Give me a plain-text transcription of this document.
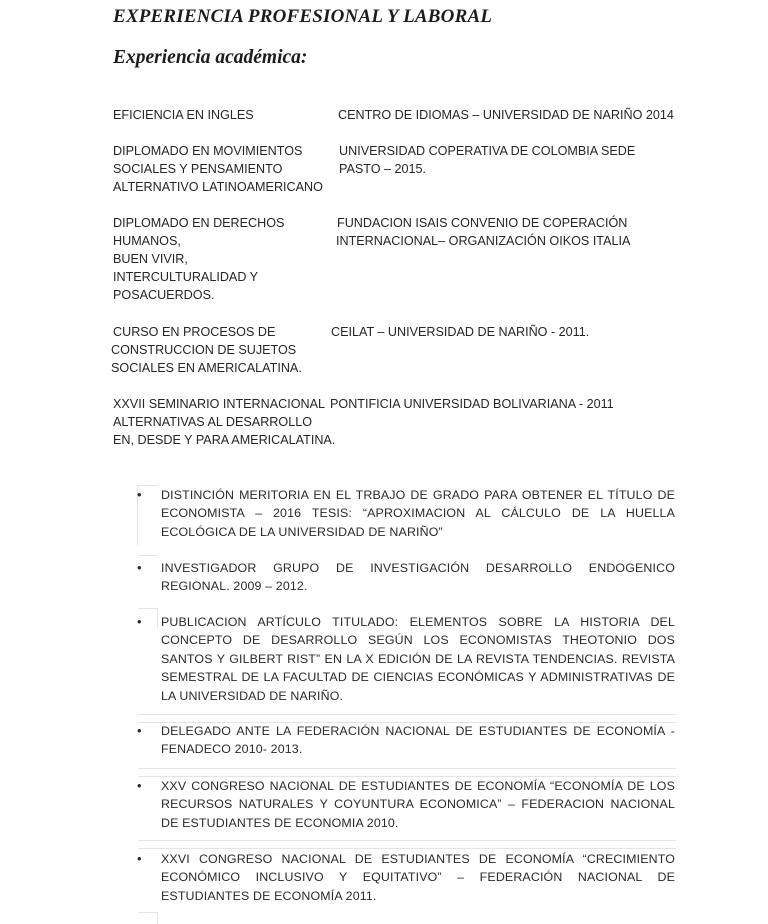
EXPERIENCIA PROFESIONAL Y LABORAL
Experiencia académica:
EFICIENCIA EN INGLES	CENTRO DE IDIOMAS – UNIVERSIDAD DE NARIÑO 2014
DIPLOMADO EN MOVIMIENTOS
SOCIALES Y PENSAMIENTO
ALTERNATIVO LATINOAMERICANO
UNIVERSIDAD COPERATIVA DE COLOMBIA SEDE
PASTO – 2015.
DIPLOMADO EN DERECHOS
HUMANOS,
BUEN VIVIR,
INTERCULTURALIDAD Y
POSACUERDOS.
FUNDACION ISAIS CONVENIO DE COPERACIÓN
INTERNACIONAL– ORGANIZACIÓN OIKOS ITALIA
CURSO EN PROCESOS DE
CONSTRUCCION DE SUJETOS
SOCIALES EN AMERICALATINA.
CEILAT – UNIVERSIDAD DE NARIÑO - 2011.
XXVII SEMINARIO INTERNACIONAL
ALTERNATIVAS AL DESARROLLO
EN, DESDE Y PARA AMERICALATINA.
PONTIFICIA UNIVERSIDAD BOLIVARIANA - 2011
• DISTINCIÓN MERITORIA EN EL TRBAJO DE GRADO PARA OBTENER EL TÍTULO DE ECONOMISTA – 2016 TESIS: “APROXIMACION AL CÁLCULO DE LA HUELLA ECOLÓGICA DE LA UNIVERSIDAD DE NARIÑO”
• INVESTIGADOR GRUPO DE INVESTIGACIÓN DESARROLLO ENDOGENICO REGIONAL. 2009 – 2012.
• PUBLICACION ARTÍCULO TITULADO: ELEMENTOS SOBRE LA HISTORIA DEL CONCEPTO DE DESARROLLO SEGÚN LOS ECONOMISTAS THEOTONIO DOS SANTOS Y GILBERT RIST” EN LA X EDICIÓN DE LA REVISTA TENDENCIAS. REVISTA SEMESTRAL DE LA FACULTAD DE CIENCIAS ECONÓMICAS Y ADMINISTRATIVAS DE LA UNIVERSIDAD DE NARIÑO.
• DELEGADO ANTE LA FEDERACIÓN NACIONAL DE ESTUDIANTES DE ECONOMÍA - FENADECO 2010- 2013.
• XXV CONGRESO NACIONAL DE ESTUDIANTES DE ECONOMÍA “ECONOMÍA DE LOS RECURSOS NATURALES Y COYUNTURA ECONOMICA” – FEDERACION NACIONAL DE ESTUDIANTES DE ECONOMIA 2010.
• XXVI CONGRESO NACIONAL DE ESTUDIANTES DE ECONOMÍA “CRECIMIENTO ECONÓMICO INCLUSIVO Y EQUITATIVO” – FEDERACIÓN NACIONAL DE ESTUDIANTES DE ECONOMÍA 2011.
